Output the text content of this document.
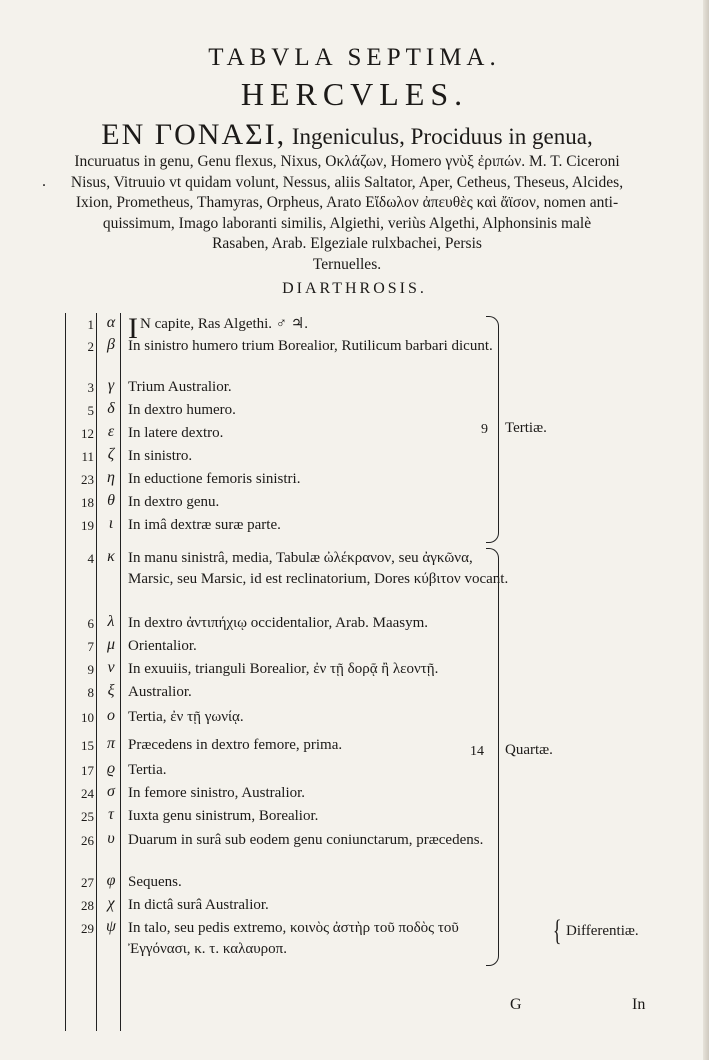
TABVLA SEPTIMA.
HERCVLES.
ΕΝ ΓΟΝΑΣΙ, Ingeniculus, Prociduus in genua,
Incuruatus in genu, Genu flexus, Nixus, Οκλάζων, Homero γνὺξ ἐριπών. M. T. Ciceroni
Nisus, Vitruuio vt quidam volunt, Nessus, aliis Saltator, Aper, Cetheus, Theseus, Alcides,
Ixion, Prometheus, Thamyras, Orpheus, Arato Εἴδωλον ἀπευθὲς καὶ ἄϊσον, nomen anti-
quissimum, Imago laboranti similis, Algiethi, veriùs Algethi, Alphonsinis malè
Rasaben, Arab. Elgeziale rulxbachei, Persis
Ternuelles.
.
DIARTHROSIS.
1 α I N capite, Ras Algethi. ♂ ♃.
2 β In sinistro humero trium Borealior, Rutilicum barbari dicunt.
3 γ Trium Australior.
5 δ In dextro humero.
12 ε In latere dextro.
11 ζ In sinistro.
23 η In eductione femoris sinistri.
18 θ In dextro genu.
19 ι In imâ dextræ suræ parte.
4 κ In manu sinistrâ, media, Tabulæ ὠλέκρανον, seu ἀγκῶνα, Marsic, seu Marsic, id est reclinatorium, Dores κύβιτον vocant.
6 λ In dextro ἀντιπήχιῳ occidentalior, Arab. Maasym.
7 μ Orientalior.
9 ν In exuuiis, trianguli Borealior, ἐν τῇ δορᾷ ἢ λεοντῇ.
8 ξ Australior.
10 ο Tertia, ἐν τῇ γωνίᾳ.
15 π Præcedens in dextro femore, prima.
17 ϱ Tertia.
24 σ In femore sinistro, Australior.
25 τ Iuxta genu sinistrum, Borealior.
26 υ Duarum in surâ sub eodem genu coniunctarum, præcedens.
27 φ Sequens.
28 χ In dictâ surâ Australior.
29 ψ In talo, seu pedis extremo, κοινὸς ἀστὴρ τοῦ ποδὸς τοῦ Ἐγγόνασι, κ. τ. καλαυροπ.
9 Tertiæ.
14 Quartæ.
{ Differentiæ.
G	In
